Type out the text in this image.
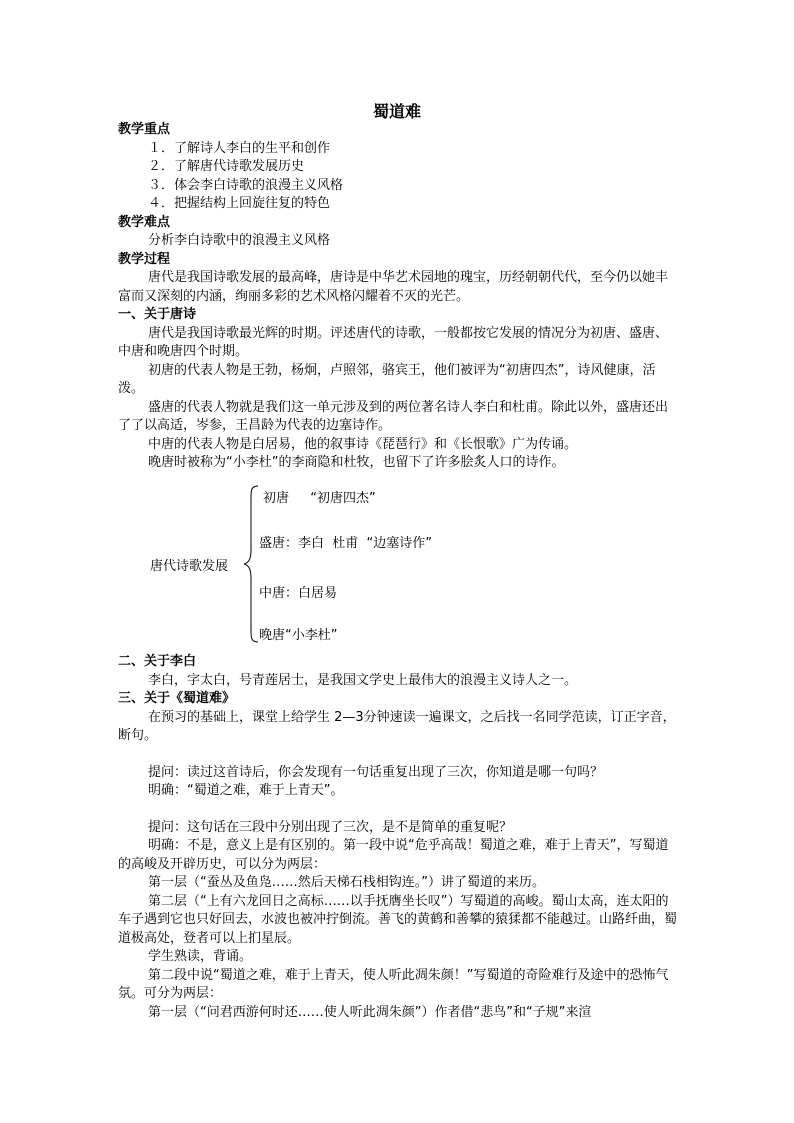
蜀道难
教学重点
１．了解诗人李白的生平和创作
２．了解唐代诗歌发展历史
３．体会李白诗歌的浪漫主义风格
４．把握结构上回旋往复的特色
教学难点
分析李白诗歌中的浪漫主义风格
教学过程

唐代是我国诗歌发展的最高峰，唐诗是中华艺术园地的瑰宝，历经朝朝代代，至今仍以她丰富而又深刻的内涵，绚丽多彩的艺术风格闪耀着不灭的光芒。

一、关于唐诗

唐代是我国诗歌最光辉的时期。评述唐代的诗歌，一般都按它发展的情况分为初唐、盛唐、中唐和晚唐四个时期。

初唐的代表人物是王勃，杨炯，卢照邻，骆宾王，他们被评为“初唐四杰”，诗风健康，活泼。

盛唐的代表人物就是我们这一单元涉及到的两位著名诗人李白和杜甫。除此以外，盛唐还出了了以高适，岑参，王昌龄为代表的边塞诗作。

中唐的代表人物是白居易，他的叙事诗《琵琶行》和《长恨歌》广为传诵。

晚唐时被称为“小李杜”的李商隐和杜牧，也留下了许多脍炙人口的诗作。

唐代诗歌发展
初唐　  “初唐四杰”
盛唐：李白  杜甫  “边塞诗作”
中唐：白居易
晚唐“小李杜”
二、关于李白

李白，字太白，号青莲居士，是我国文学史上最伟大的浪漫主义诗人之一。

三、关于《蜀道难》

在预习的基础上，课堂上给学生 2—3分钟速读一遍课文，之后找一名同学范读，订正字音，断句。

提问：读过这首诗后，你会发现有一句话重复出现了三次，你知道是哪一句吗？

明确：“蜀道之难，难于上青天”。

提问：这句话在三段中分别出现了三次，是不是简单的重复呢？

明确：不是，意义上是有区别的。第一段中说“危乎高哉！蜀道之难，难于上青天”，写蜀道的高峻及开辟历史，可以分为两层：

第一层（“蚕丛及鱼凫……然后天梯石栈相钩连。”）讲了蜀道的来历。

第二层（“上有六龙回日之高标……以手抚膺坐长叹”）写蜀道的高峻。蜀山太高，连太阳的车子遇到它也只好回去，水波也被冲拧倒流。善飞的黄鹤和善攀的猿猱都不能越过。山路纤曲，蜀道极高处，登者可以上扪星辰。

学生熟读，背诵。

第二段中说“蜀道之难，难于上青天，使人听此凋朱颜！”写蜀道的奇险难行及途中的恐怖气氛。可分为两层：

第一层（“问君西游何时还……使人听此凋朱颜”）作者借“悲鸟”和“子规”来渲
